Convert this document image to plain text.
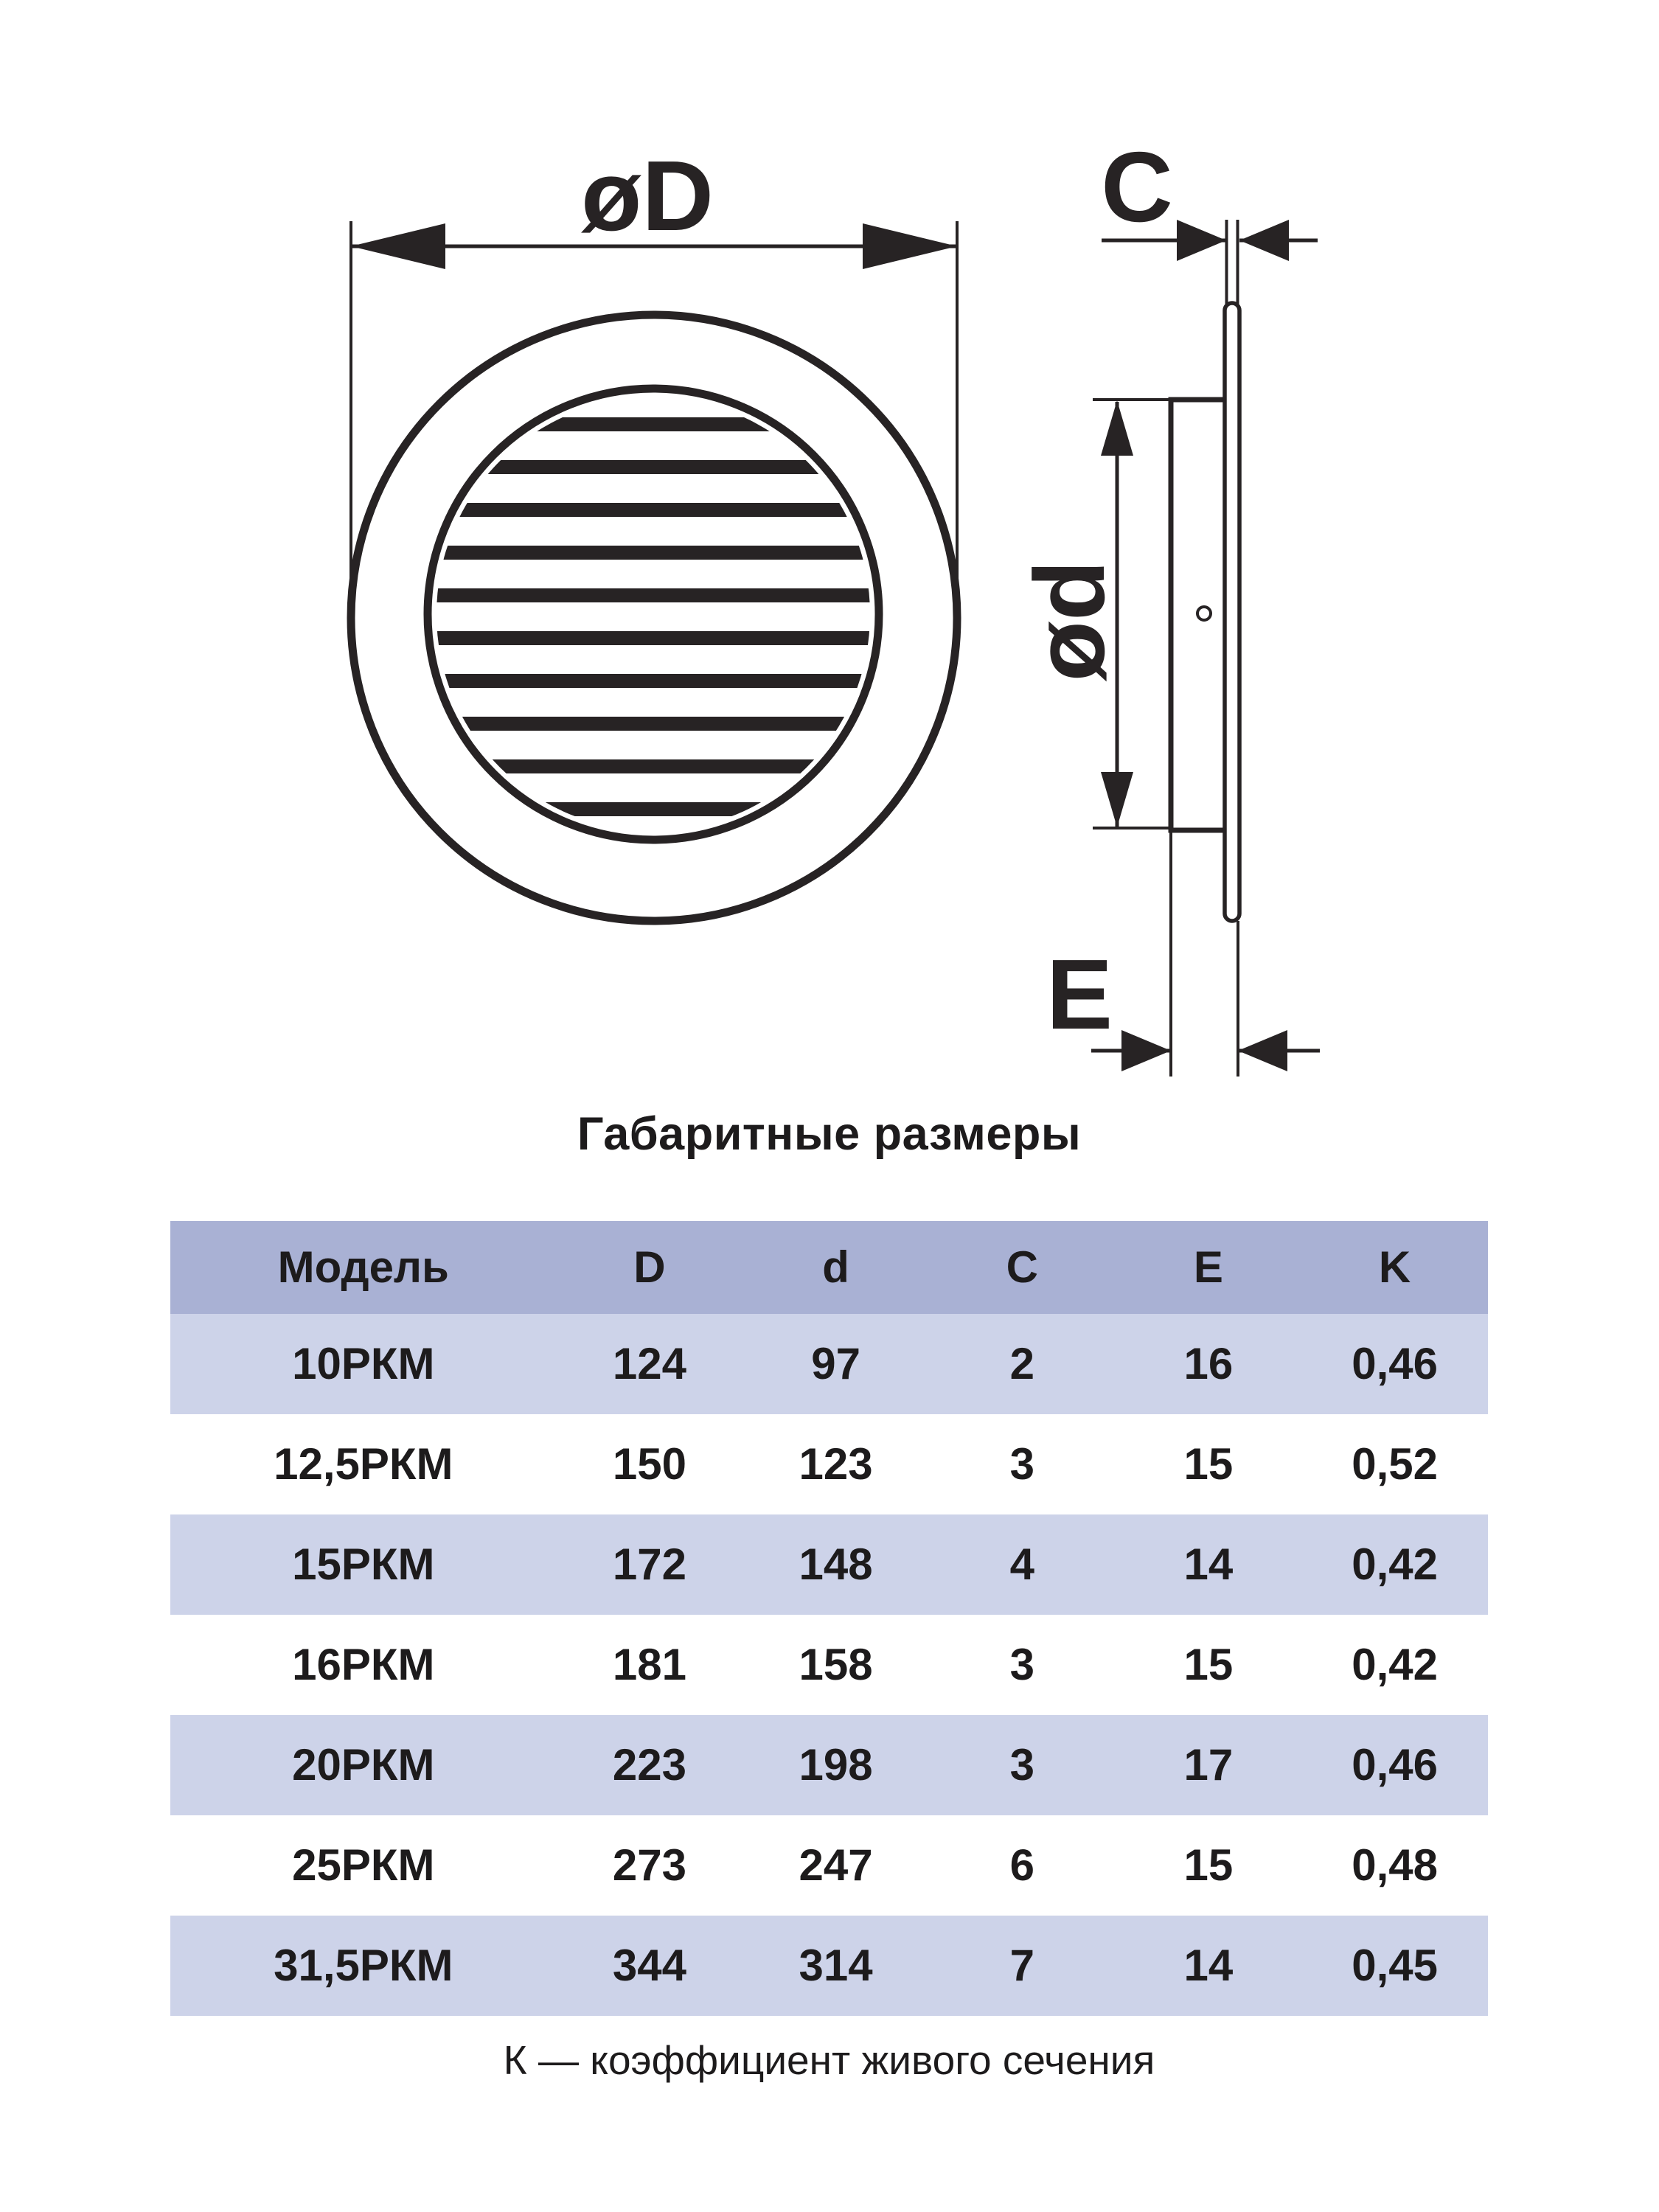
øD	C
ød
E
Габаритные размеры
Модель	D	d	C	E	K
10РКМ	124	97	2	16	0,46
12,5РКМ	150	123	3	15	0,52
15РКМ	172	148	4	14	0,42
16РКМ	181	158	3	15	0,42
20РКМ	223	198	3	17	0,46
25РКМ	273	247	6	15	0,48
31,5РКМ	344	314	7	14	0,45
К — коэффициент живого сечения
